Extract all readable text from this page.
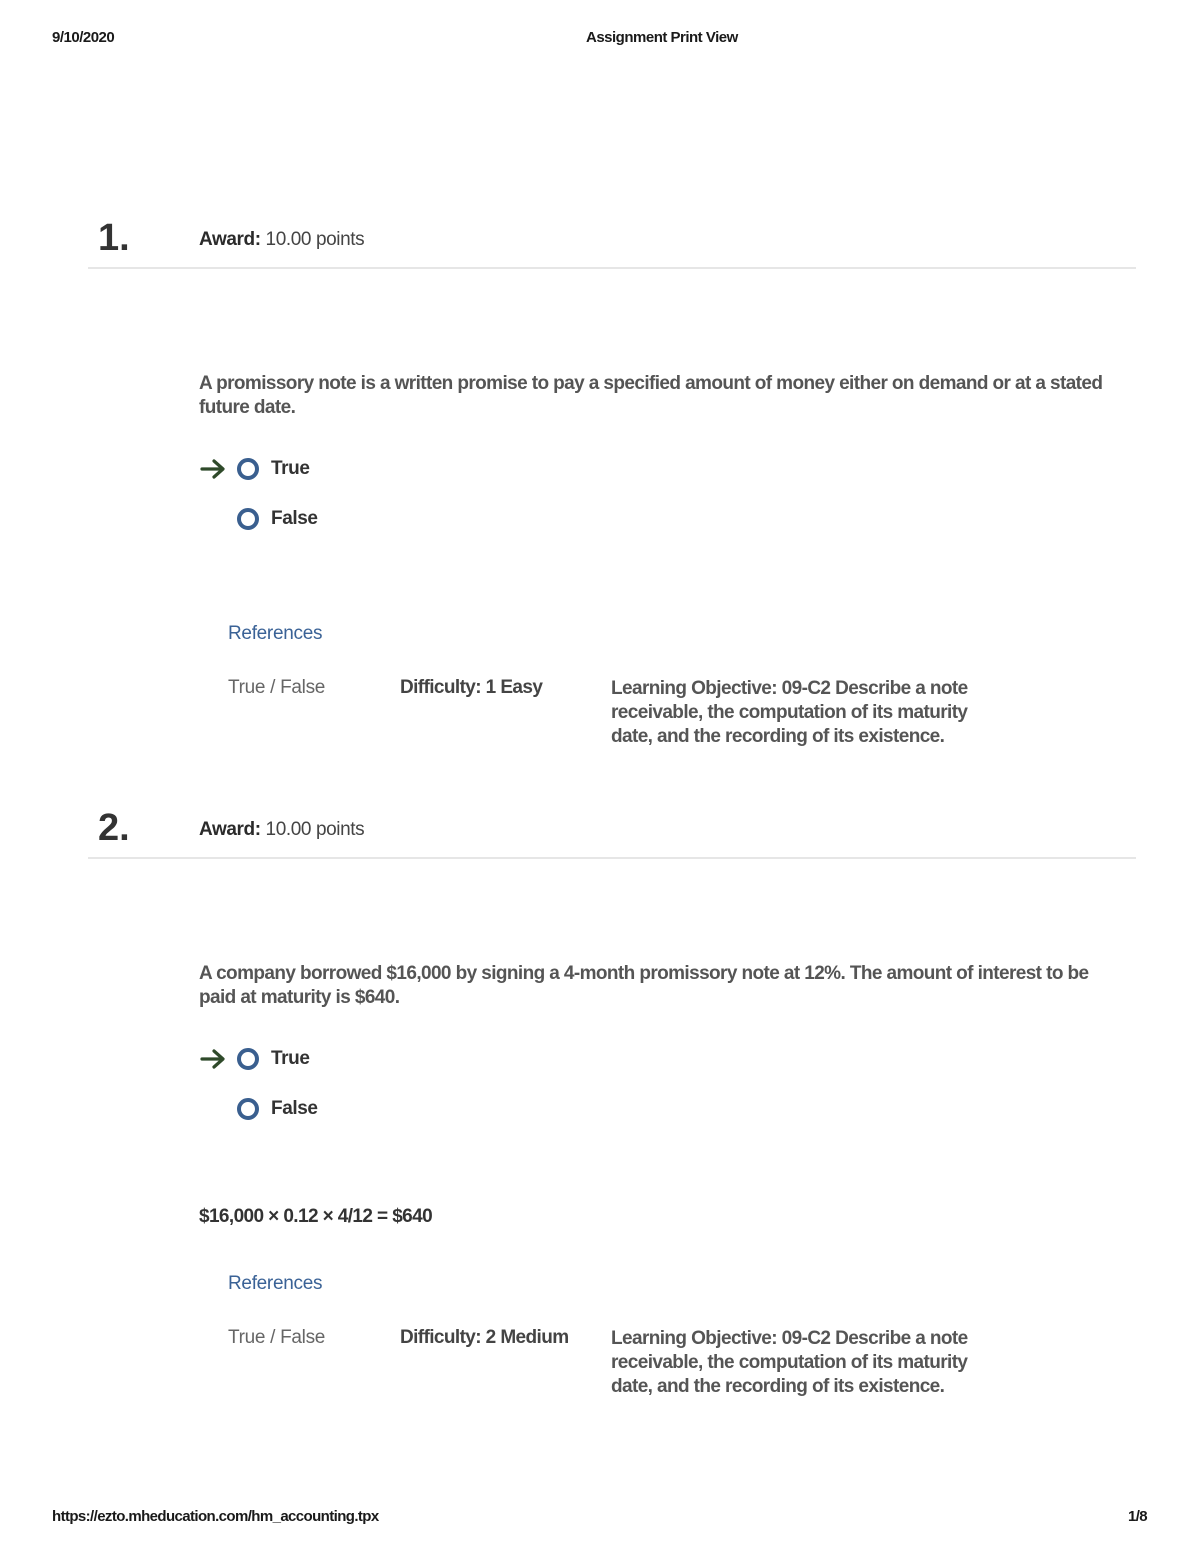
9/10/2020	Assignment Print View
1.	Award: 10.00 points
A promissory note is a written promise to pay a specified amount of money either on demand or at a stated future date.
True
False
References
True / False	Difficulty: 1 Easy	Learning Objective: 09-C2 Describe a note receivable, the computation of its maturity date, and the recording of its existence.
2.	Award: 10.00 points
A company borrowed $16,000 by signing a 4-month promissory note at 12%. The amount of interest to be paid at maturity is $640.
True
False
$16,000 × 0.12 × 4/12 = $640
References
True / False	Difficulty: 2 Medium Learning Objective: 09-C2 Describe a note receivable, the computation of its maturity date, and the recording of its existence.
https://ezto.mheducation.com/hm_accounting.tpx	1/8
